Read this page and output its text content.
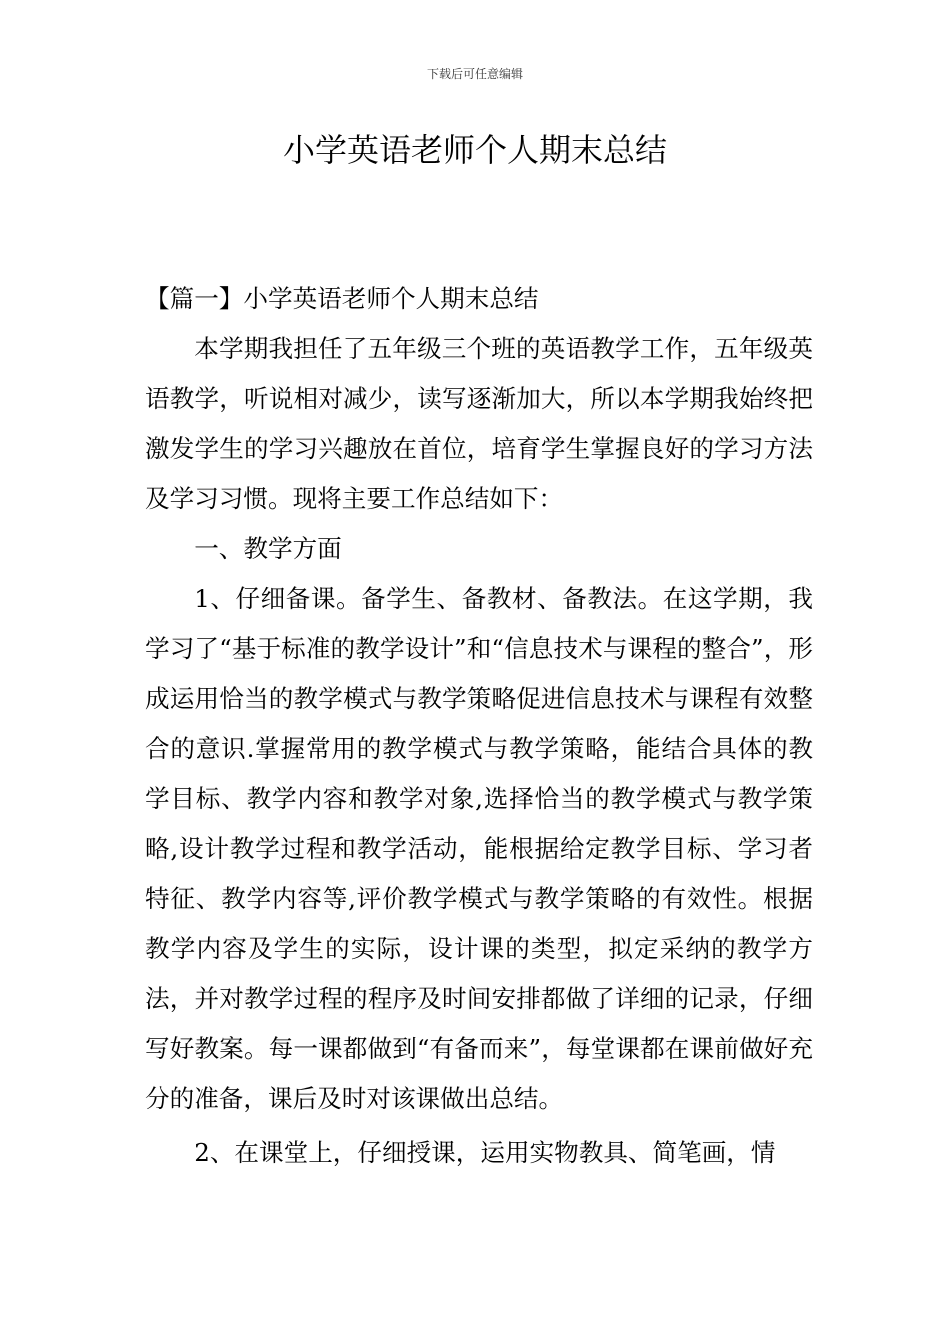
下载后可任意编辑
小学英语老师个人期末总结

【篇一】小学英语老师个人期末总结

本学期我担任了五年级三个班的英语教学工作，五年级英语教学，听说相对减少，读写逐渐加大，所以本学期我始终把激发学生的学习兴趣放在首位，培育学生掌握良好的学习方法及学习习惯。现将主要工作总结如下：

一、教学方面

1、仔细备课。备学生、备教材、备教法。在这学期，我学习了“基于标准的教学设计”和“信息技术与课程的整合”，形成运用恰当的教学模式与教学策略促进信息技术与课程有效整合的意识.掌握常用的教学模式与教学策略，能结合具体的教学目标、教学内容和教学对象,选择恰当的教学模式与教学策略,设计教学过程和教学活动，能根据给定教学目标、学习者特征、教学内容等,评价教学模式与教学策略的有效性。根据教学内容及学生的实际，设计课的类型，拟定采纳的教学方法，并对教学过程的程序及时间安排都做了详细的记录，仔细写好教案。每一课都做到“有备而来”，每堂课都在课前做好充分的准备，课后及时对该课做出总结。

2、在课堂上，仔细授课，运用实物教具、简笔画，情
